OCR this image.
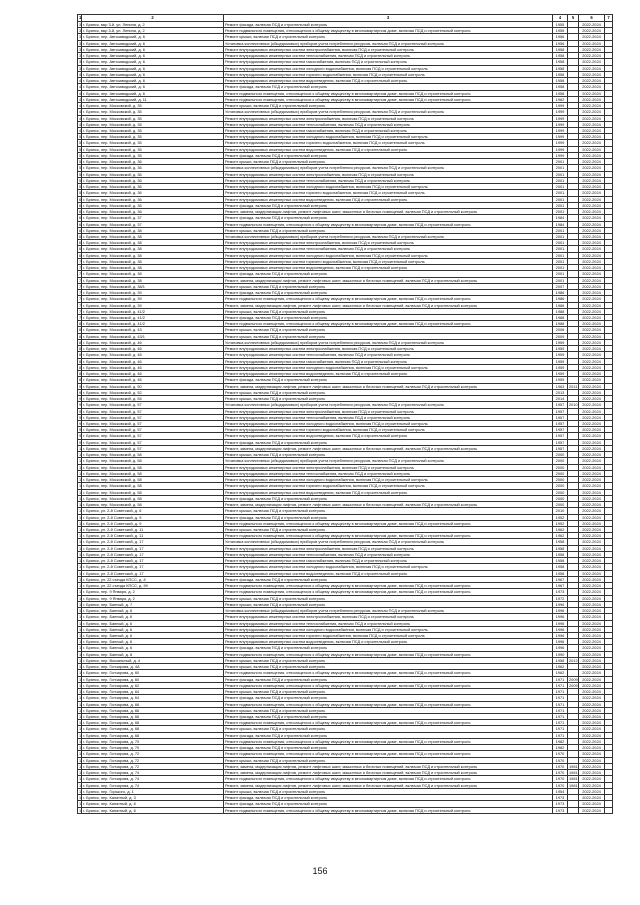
1	2	3	4	5	6	7
3	г. Брянск, мкр 3-й, ул. Ленина, д. 2	Ремонт фасада, включая ПСД и строительный контроль	1955		2022-2024	
3	г. Брянск, мкр 3-й, ул. Ленина, д. 2	Ремонт подвального помещения, относящегося к общему имуществу в многоквартирном доме, включая ПСД и строительный контроль	1955		2022-2024	
3	г. Брянск, пер. Автозаводский, д. 6	Ремонт крыши, включая ПСД и строительный контроль	1956		2022-2024	
3	г. Брянск, пер. Автозаводский, д. 6	Установка коллективных (общедомовых) приборов учета потребления ресурсов, включая ПСД и строительный контроль	1956		2022-2024	
3	г. Брянск, пер. Автозаводский, д. 6	Ремонт внутридомовых инженерных систем электроснабжения, включая ПСД и строительный контроль	1958		2022-2024	
3	г. Брянск, пер. Автозаводский, д. 6	Ремонт внутридомовых инженерных систем теплоснабжения, включая ПСД и строительный контроль	1958		2022-2024	
3	г. Брянск, пер. Автозаводский, д. 6	Ремонт внутридомовых инженерных систем газоснабжения, включая ПСД и строительный контроль	1958		2022-2024	
3	г. Брянск, пер. Автозаводский, д. 6	Ремонт внутридомовых инженерных систем холодного водоснабжения, включая ПСД и строительный контроль	1958		2022-2024	
4	г. Брянск, пер. Автозаводский, д. 6	Ремонт внутридомовых инженерных систем горячего водоснабжения, включая ПСД и строительный контроль	1958		2022-2024	
4	г. Брянск, пер. Автозаводский, д. 6	Ремонт внутридомовых инженерных систем водоотведения, включая ПСД и строительный контроль	1958		2022-2024	
4	г. Брянск, пер. Автозаводский, д. 6	Ремонт фасада, включая ПСД и строительный контроль	1958		2022-2024	
4	г. Брянск, пер. Автозаводский, д. 6	Ремонт подвального помещения, относящегося к общему имуществу в многоквартирном доме, включая ПСД и строительный контроль	1958		2022-2024	
4	г. Брянск, пер. Автозаводский, д. 11	Ремонт подвального помещения, относящегося к общему имуществу в многоквартирном доме, включая ПСД и строительный контроль	1962		2022-2024	
4	г. Брянск, пер. Московский, д. 35	Ремонт крыши, включая ПСД и строительный контроль	1999		2022-2024	
4	г. Брянск, пер. Московский, д. 35	Установка коллективных (общедомовых) приборов учета потребления ресурсов, включая ПСД и строительный контроль	1999		2022-2024	
4	г. Брянск, пер. Московский, д. 35	Ремонт внутридомовых инженерных систем электроснабжения, включая ПСД и строительный контроль	1999		2022-2024	
4	г. Брянск, пер. Московский, д. 35	Ремонт внутридомовых инженерных систем теплоснабжения, включая ПСД и строительный контроль	1999		2022-2024	
4	г. Брянск, пер. Московский, д. 35	Ремонт внутридомовых инженерных систем газоснабжения, включая ПСД и строительный контроль	1999		2022-2024	
5	г. Брянск, пер. Московский, д. 35	Ремонт внутридомовых инженерных систем холодного водоснабжения, включая ПСД и строительный контроль	1999		2022-2024	
5	г. Брянск, пер. Московский, д. 35	Ремонт внутридомовых инженерных систем горячего водоснабжения, включая ПСД и строительный контроль	1999		2022-2024	
5	г. Брянск, пер. Московский, д. 35	Ремонт внутридомовых инженерных систем водоотведения, включая ПСД и строительный контроль	1999		2022-2024	
5	г. Брянск, пер. Московский, д. 35	Ремонт фасада, включая ПСД и строительный контроль	1999		2022-2024	
5	г. Брянск, пер. Московский, д. 36	Ремонт крыши, включая ПСД и строительный контроль	2001		2022-2024	
5	г. Брянск, пер. Московский, д. 36	Установка коллективных (общедомовых) приборов учета потребления ресурсов, включая ПСД и строительный контроль	2001		2022-2024	
5	г. Брянск, пер. Московский, д. 36	Ремонт внутридомовых инженерных систем электроснабжения, включая ПСД и строительный контроль	2001		2022-2024	
5	г. Брянск, пер. Московский, д. 36	Ремонт внутридомовых инженерных систем теплоснабжения, включая ПСД и строительный контроль	2001		2022-2024	
5	г. Брянск, пер. Московский, д. 36	Ремонт внутридомовых инженерных систем холодного водоснабжения, включая ПСД и строительный контроль	2001		2022-2024	
5	г. Брянск, пер. Московский, д. 36	Ремонт внутридомовых инженерных систем горячего водоснабжения, включая ПСД и строительный контроль	2001		2022-2024	
6	г. Брянск, пер. Московский, д. 36	Ремонт внутридомовых инженерных систем водоотведения, включая ПСД и строительный контроль	2001		2022-2024	
6	г. Брянск, пер. Московский, д. 36	Ремонт фасада, включая ПСД и строительный контроль	2001		2022-2024	
6	г. Брянск, пер. Московский, д. 36	Ремонт, замена, модернизация лифтов, ремонт лифтовых шахт, машинных и блочных помещений, включая ПСД и строительный контроль	2001		2022-2024	
6	г. Брянск, пер. Московский, д. 37	Ремонт фасада, включая ПСД и строительный контроль	1984		2022-2024	
6	г. Брянск, пер. Московский, д. 37	Ремонт подвального помещения, относящегося к общему имуществу в многоквартирном доме, включая ПСД и строительный контроль	1984		2022-2024	
6	г. Брянск, пер. Московский, д. 38	Ремонт крыши, включая ПСД и строительный контроль	2001		2022-2024	
6	г. Брянск, пер. Московский, д. 38	Установка коллективных (общедомовых) приборов учета потребления ресурсов, включая ПСД и строительный контроль	2001		2022-2024	
6	г. Брянск, пер. Московский, д. 38	Ремонт внутридомовых инженерных систем электроснабжения, включая ПСД и строительный контроль	2001		2022-2024	
6	г. Брянск, пер. Московский, д. 38	Ремонт внутридомовых инженерных систем теплоснабжения, включая ПСД и строительный контроль	2001		2022-2024	
6	г. Брянск, пер. Московский, д. 38	Ремонт внутридомовых инженерных систем холодного водоснабжения, включая ПСД и строительный контроль	2001		2022-2024	
7	г. Брянск, пер. Московский, д. 38	Ремонт внутридомовых инженерных систем горячего водоснабжения, включая ПСД и строительный контроль	2001		2022-2024	
7	г. Брянск, пер. Московский, д. 38	Ремонт внутридомовых инженерных систем водоотведения, включая ПСД и строительный контроль	2001		2022-2024	
7	г. Брянск, пер. Московский, д. 38	Ремонт фасада, включая ПСД и строительный контроль	2001		2022-2024	
7	г. Брянск, пер. Московский, д. 38	Ремонт, замена, модернизация лифтов, ремонт лифтовых шахт, машинных и блочных помещений, включая ПСД и строительный контроль	2001		2022-2024	
7	г. Брянск, пер. Московский, д. 38/1	Ремонт крыши, включая ПСД и строительный контроль	2007		2022-2024	
7	г. Брянск, пер. Московский, д. 39	Ремонт фасада, включая ПСД и строительный контроль	1986		2022-2024	
7	г. Брянск, пер. Московский, д. 39	Ремонт подвального помещения, относящегося к общему имуществу в многоквартирном доме, включая ПСД и строительный контроль	1986		2022-2024	
7	г. Брянск, пер. Московский, д. 39	Ремонт, замена, модернизация лифтов, ремонт лифтовых шахт, машинных и блочных помещений, включая ПСД и строительный контроль	1986		2022-2024	
7	г. Брянск, пер. Московский, д. 41/2	Ремонт крыши, включая ПСД и строительный контроль	1988		2022-2024	
7	г. Брянск, пер. Московский, д. 41/2	Ремонт фасада, включая ПСД и строительный контроль	1988		2022-2024	
8	г. Брянск, пер. Московский, д. 41/2	Ремонт подвального помещения, относящегося к общему имуществу в многоквартирном доме, включая ПСД и строительный контроль	1988		2022-2024	
8	г. Брянск, пер. Московский, д. 43	Ремонт крыши, включая ПСД и строительный контроль	2006		2022-2024	
8	г. Брянск, пер. Московский, д. 43/1	Ремонт крыши, включая ПСД и строительный контроль	2009		2022-2024	
8	г. Брянск, пер. Московский, д. 46	Установка коллективных (общедомовых) приборов учета потребления ресурсов, включая ПСД и строительный контроль	1959		2022-2024	
8	г. Брянск, пер. Московский, д. 46	Ремонт внутридомовых инженерных систем электроснабжения, включая ПСД и строительный контроль	1959		2022-2024	
8	г. Брянск, пер. Московский, д. 46	Ремонт внутридомовых инженерных систем теплоснабжения, включая ПСД и строительный контроль	1959		2022-2024	
8	г. Брянск, пер. Московский, д. 46	Ремонт внутридомовых инженерных систем газоснабжения, включая ПСД и строительный контроль	1959		2022-2024	
8	г. Брянск, пер. Московский, д. 46	Ремонт внутридомовых инженерных систем холодного водоснабжения, включая ПСД и строительный контроль	1959		2022-2024	
8	г. Брянск, пер. Московский, д. 46	Ремонт внутридомовых инженерных систем водоотведения, включая ПСД и строительный контроль	1959		2022-2024	
8	г. Брянск, пер. Московский, д. 46	Ремонт фасада, включая ПСД и строительный контроль	1959		2022-2024	
9	г. Брянск, пер. Московский, д. 50	Ремонт, замена, модернизация лифтов, ремонт лифтовых шахт, машинных и блочных помещений, включая ПСД и строительный контроль	1963	2011	2022-2024	
9	г. Брянск, пер. Московский, д. 52	Ремонт крыши, включая ПСД и строительный контроль	2013		2022-2024	
9	г. Брянск, пер. Московский, д. 54	Ремонт крыши, включая ПСД и строительный контроль	2014		2022-2024	
9	г. Брянск, пер. Московский, д. 57	Установка коллективных (общедомовых) приборов учета потребления ресурсов, включая ПСД и строительный контроль	1957	2010	2022-2024	
9	г. Брянск, пер. Московский, д. 57	Ремонт внутридомовых инженерных систем электроснабжения, включая ПСД и строительный контроль	1957		2022-2024	
9	г. Брянск, пер. Московский, д. 57	Ремонт внутридомовых инженерных систем теплоснабжения, включая ПСД и строительный контроль	1957		2022-2024	
9	г. Брянск, пер. Московский, д. 57	Ремонт внутридомовых инженерных систем холодного водоснабжения, включая ПСД и строительный контроль	1957		2022-2024	
9	г. Брянск, пер. Московский, д. 57	Ремонт внутридомовых инженерных систем горячего водоснабжения, включая ПСД и строительный контроль	1957		2022-2024	
9	г. Брянск, пер. Московский, д. 57	Ремонт внутридомовых инженерных систем водоотведения, включая ПСД и строительный контроль	1957		2022-2024	
9	г. Брянск, пер. Московский, д. 57	Ремонт фасада, включая ПСД и строительный контроль	1957		2022-2024	
1	г. Брянск, пер. Московский, д. 57	Ремонт, замена, модернизация лифтов, ремонт лифтовых шахт, машинных и блочных помещений, включая ПСД и строительный контроль	1957		2022-2024	
1	г. Брянск, пер. Московский, д. 58	Ремонт крыши, включая ПСД и строительный контроль	2000		2022-2024	
1	г. Брянск, пер. Московский, д. 58	Установка коллективных (общедомовых) приборов учета потребления ресурсов, включая ПСД и строительный контроль	2000		2022-2024	
1	г. Брянск, пер. Московский, д. 58	Ремонт внутридомовых инженерных систем электроснабжения, включая ПСД и строительный контроль	2000		2022-2024	
1	г. Брянск, пер. Московский, д. 58	Ремонт внутридомовых инженерных систем теплоснабжения, включая ПСД и строительный контроль	2000		2022-2024	
1	г. Брянск, пер. Московский, д. 58	Ремонт внутридомовых инженерных систем холодного водоснабжения, включая ПСД и строительный контроль	2000		2022-2024	
1	г. Брянск, пер. Московский, д. 58	Ремонт внутридомовых инженерных систем горячего водоснабжения, включая ПСД и строительный контроль	2000		2022-2024	
1	г. Брянск, пер. Московский, д. 58	Ремонт внутридомовых инженерных систем водоотведения, включая ПСД и строительный контроль	2000		2022-2024	
1	г. Брянск, пер. Московский, д. 58	Ремонт фасада, включая ПСД и строительный контроль	2000		2022-2024	
1	г. Брянск, пер. Московский, д. 58	Ремонт, замена, модернизация лифтов, ремонт лифтовых шахт, машинных и блочных помещений, включая ПСД и строительный контроль	2000		2022-2024	
1	г. Брянск, ул. 2-й Советский, д. 6	Ремонт крыши, включая ПСД и строительный контроль	2010		2022-2024	
1	г. Брянск, ул. 2-й Советский, д. 9	Ремонт фасада, включая ПСД и строительный контроль	1952		2022-2024	
1	г. Брянск, ул. 2-й Советский, д. 9	Ремонт подвального помещения, относящегося к общему имуществу в многоквартирном доме, включая ПСД и строительный контроль	1952		2022-2024	
1	г. Брянск, ул. 2-й Советский, д. 11	Ремонт крыши, включая ПСД и строительный контроль	1962		2022-2024	
1	г. Брянск, ул. 2-й Советский, д. 11	Ремонт подвального помещения, относящегося к общему имуществу в многоквартирном доме, включая ПСД и строительный контроль	1962		2022-2024	
1	г. Брянск, ул. 2-й Советский, д. 17	Установка коллективных (общедомовых) приборов учета потребления ресурсов, включая ПСД и строительный контроль	1958		2022-2024	
1	г. Брянск, ул. 2-й Советский, д. 17	Ремонт внутридомовых инженерных систем электроснабжения, включая ПСД и строительный контроль	1958		2022-2024	
1	г. Брянск, ул. 2-й Советский, д. 17	Ремонт внутридомовых инженерных систем теплоснабжения, включая ПСД и строительный контроль	1958		2022-2024	
1	г. Брянск, ул. 2-й Советский, д. 17	Ремонт внутридомовых инженерных систем газоснабжения, включая ПСД и строительный контроль	1958		2022-2024	
1	г. Брянск, ул. 2-й Советский, д. 17	Ремонт внутридомовых инженерных систем холодного водоснабжения, включая ПСД и строительный контроль	1958		2022-2024	
1	г. Брянск, ул. 2-й Советский, д. 17	Ремонт внутридомовых инженерных систем водоотведения, включая ПСД и строительный контроль	1958		2022-2024	
1	г. Брянск, ул. 22 съезда КПСС, д. 8	Ремонт фасада, включая ПСД и строительный контроль	1967		2022-2024	
1	г. Брянск, ул. 22 съезда КПСС, д. 59	Ремонт подвального помещения, относящегося к общему имуществу в многоквартирном доме, включая ПСД и строительный контроль	1967		2022-2024	
1	г. Брянск, пер. 9 Января, д. 2	Ремонт подвального помещения, относящегося к общему имуществу в многоквартирном доме, включая ПСД и строительный контроль	1973		2022-2024	
1	г. Брянск, пер. 9 Января, д. 2	Ремонт крыши, включая ПСД и строительный контроль	1972		2022-2024	
1	г. Брянск, пер. Банный, д. 7	Ремонт крыши, включая ПСД и строительный контроль	1996		2022-2024	
1	г. Брянск, пер. Банный, д. 6	Установка коллективных (общедомовых) приборов учета потребления ресурсов, включая ПСД и строительный контроль	1996		2022-2024	
1	г. Брянск, пер. Банный, д. 6	Ремонт внутридомовых инженерных систем электроснабжения, включая ПСД и строительный контроль	1996		2022-2024	
1	г. Брянск, пер. Банный, д. 6	Ремонт внутридомовых инженерных систем теплоснабжения, включая ПСД и строительный контроль	1996		2022-2024	
1	г. Брянск, пер. Банный, д. 6	Ремонт внутридомовых инженерных систем холодного водоснабжения, включая ПСД и строительный контроль	1996		2022-2024	
1	г. Брянск, пер. Банный, д. 6	Ремонт внутридомовых инженерных систем горячего водоснабжения, включая ПСД и строительный контроль	1996		2022-2024	
1	г. Брянск, пер. Банный, д. 6	Ремонт внутридомовых инженерных систем водоотведения, включая ПСД и строительный контроль	1996		2022-2024	
1	г. Брянск, пер. Банный, д. 6	Ремонт фасада, включая ПСД и строительный контроль	1996		2022-2024	
1	г. Брянск, пер. Банный, д. 8	Ремонт подвального помещения, относящегося к общему имуществу в многоквартирном доме, включая ПСД и строительный контроль	1990		2022-2024	
1	г. Брянск, пер. Вокзальный, д. 4	Ремонт крыши, включая ПСД и строительный контроль	1958	2012	2022-2024	
1	г. Брянск, пер. Гончарова, д. 4А	Ремонт крыши, включая ПСД и строительный контроль	1962		2022-2024	
1	г. Брянск, пер. Гончарова, д. 60	Ремонт подвального помещения, относящегося к общему имуществу в многоквартирном доме, включая ПСД и строительный контроль	1962		2022-2024	
1	г. Брянск, пер. Гончарова, д. 60	Ремонт фасада, включая ПСД и строительный контроль	1971	2009	2022-2024	
1	г. Брянск, пер. Гончарова, д. 62	Ремонт подвального помещения, относящегося к общему имуществу в многоквартирном доме, включая ПСД и строительный контроль	1971	2009	2022-2024	
1	г. Брянск, пер. Гончарова, д. 64	Ремонт крыши, включая ПСД и строительный контроль	1971		2022-2024	
1	г. Брянск, пер. Гончарова, д. 64	Ремонт фасада, включая ПСД и строительный контроль	1971		2022-2024	
1	г. Брянск, пер. Гончарова, д. 66	Ремонт подвального помещения, относящегося к общему имуществу в многоквартирном доме, включая ПСД и строительный контроль	1971		2022-2024	
1	г. Брянск, пер. Гончарова, д. 66	Ремонт крыши, включая ПСД и строительный контроль	1971		2022-2024	
1	г. Брянск, пер. Гончарова, д. 66	Ремонт фасада, включая ПСД и строительный контроль	1971		2022-2024	
1	г. Брянск, пер. Гончарова, д. 68	Ремонт подвального помещения, относящегося к общему имуществу в многоквартирном доме, включая ПСД и строительный контроль	1971		2022-2024	
1	г. Брянск, пер. Гончарова, д. 68	Ремонт крыши, включая ПСД и строительный контроль	1971		2022-2024	
1	г. Брянск, пер. Гончарова, д. 68	Ремонт фасада, включая ПСД и строительный контроль	1971		2022-2024	
1	г. Брянск, пер. Гончарова, д. 70	Ремонт подвального помещения, относящегося к общему имуществу в многоквартирном доме, включая ПСД и строительный контроль	1982		2022-2024	
1	г. Брянск, пер. Гончарова, д. 70	Ремонт фасада, включая ПСД и строительный контроль	1982		2022-2024	
1	г. Брянск, пер. Гончарова, д. 72	Ремонт подвального помещения, относящегося к общему имуществу в многоквартирном доме, включая ПСД и строительный контроль	1970		2022-2024	
1	г. Брянск, пер. Гончарова, д. 72	Ремонт крыши, включая ПСД и строительный контроль	1970		2022-2024	
1	г. Брянск, пер. Гончарова, д. 72	Ремонт, замена, модернизация лифтов, ремонт лифтовых шахт, машинных и блочных помещений, включая ПСД и строительный контроль	1970	1981	2022-2024	
1	г. Брянск, пер. Гончарова, д. 74	Ремонт, замена, модернизация лифтов, ремонт лифтовых шахт, машинных и блочных помещений, включая ПСД и строительный контроль	1970	1981	2022-2024	
1	г. Брянск, пер. Гончарова, д. 74	Ремонт подвального помещения, относящегося к общему имуществу в многоквартирном доме, включая ПСД и строительный контроль	1970	1981	2022-2024	
1	г. Брянск, пер. Гончарова, д. 74	Ремонт, замена, модернизация лифтов, ремонт лифтовых шахт, машинных и блочных помещений, включая ПСД и строительный контроль	1970	1981	2022-2024	
1	г. Брянск, пер. Горького, д. 1	Ремонт крыши, включая ПСД и строительный контроль	1954		2022-2024	
1	г. Брянск, пер. Канатный, д. 3	Ремонт фасада, включая ПСД и строительный контроль	1973		2022-2024	
1	г. Брянск, пер. Канатный, д. 6	Ремонт фасада, включая ПСД и строительный контроль	1973		2022-2024	
1	г. Брянск, пер. Канатный, д. 6	Ремонт подвального помещения, относящегося к общему имуществу в многоквартирном доме, включая ПСД и строительный контроль	1973		2022-2024	
156
